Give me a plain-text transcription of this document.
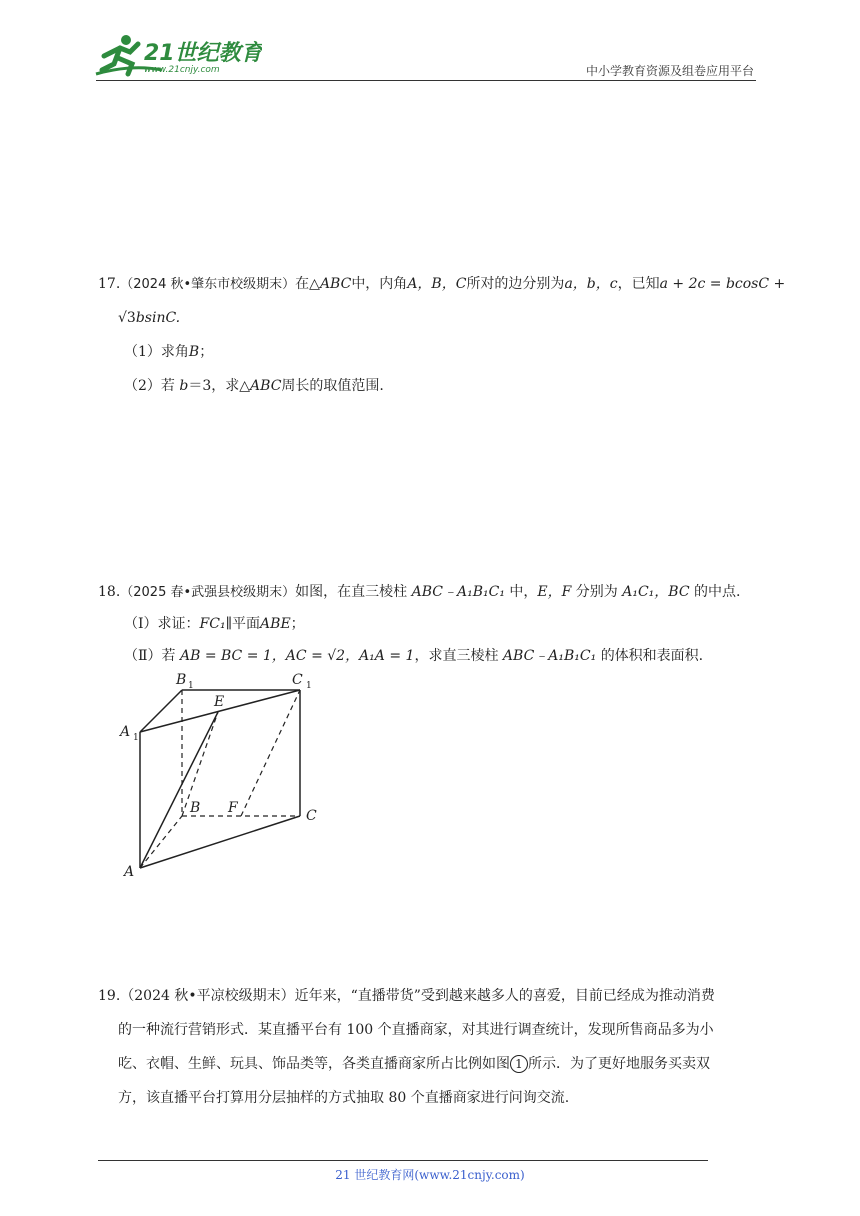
21世纪教育
www.21cnjy.com	中小学教育资源及组卷应用平台
17.（2024 秋•肇东市校级期末）在△ABC中，内角A，B，C所对的边分别为a，b，c，已知a + 2c = bcosC +
√3bsinC.
（1）求角B；
（2）若 b＝3，求△ABC周长的取值范围.
18.（2025 春•武强县校级期末）如图，在直三棱柱 ABC﹣A₁B₁C₁ 中，E，F 分别为 A₁C₁，BC 的中点.
（Ⅰ）求证：FC₁∥平面ABE；
（Ⅱ）若 AB = BC = 1，AC = √2，A₁A = 1，求直三棱柱 ABC﹣A₁B₁C₁ 的体积和表面积.
A
A 1
B 1	C 1
E
B F	C
19.（2024 秋•平凉校级期末）近年来，“直播带货”受到越来越多人的喜爱，目前已经成为推动消费
的一种流行营销形式．某直播平台有 100 个直播商家，对其进行调查统计，发现所售商品多为小
吃、衣帽、生鲜、玩具、饰品类等，各类直播商家所占比例如图 1 所示．为了更好地服务买卖双
方，该直播平台打算用分层抽样的方式抽取 80 个直播商家进行问询交流.
21 世纪教育网(www.21cnjy.com)
